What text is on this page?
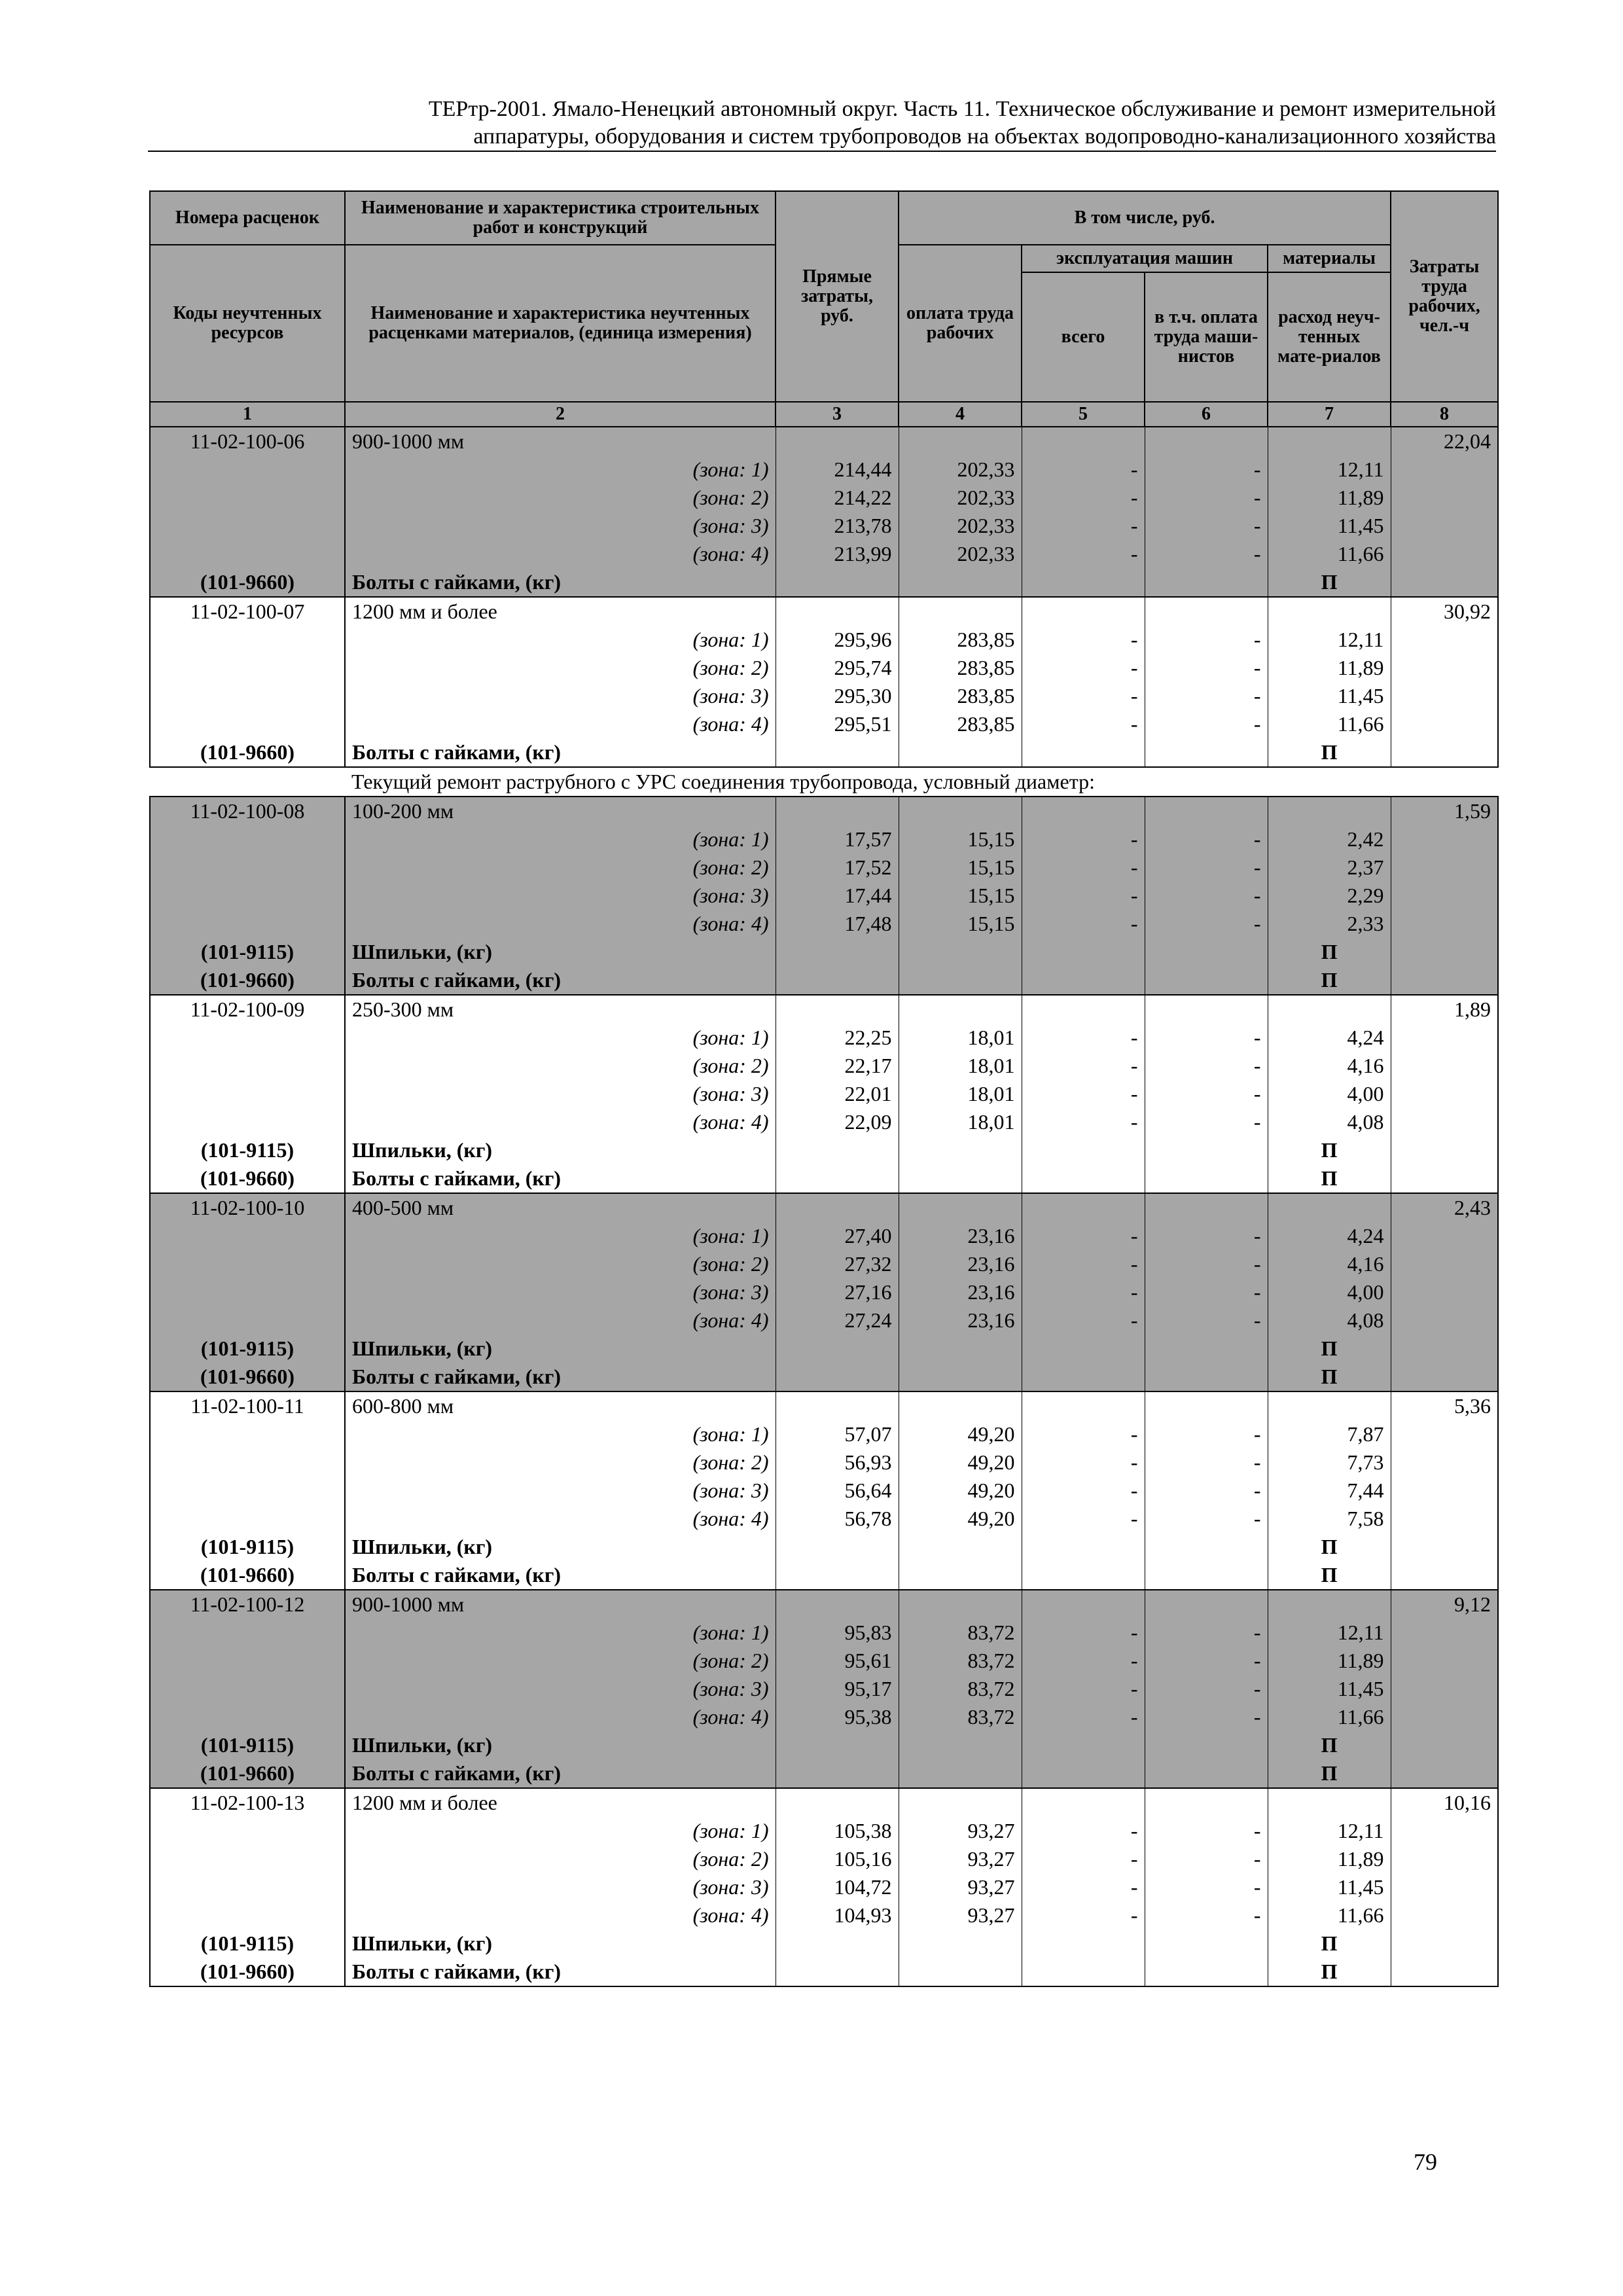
ТЕРтр-2001. Ямало-Ненецкий автономный округ. Часть 11. Техническое обслуживание и ремонт измерительной
аппаратуры, оборудования и систем трубопроводов на объектах водопроводно-канализационного хозяйства
Номера расценок	Наименование и характеристика строительных работ и конструкций	Прямые затраты, руб.	В том числе, руб.				Затраты труда рабочих, чел.-ч
Коды неучтенных ресурсов	Наименование и характеристика неучтенных расценками материалов, (единица измерения)		оплата труда рабочих	эксплуатация машин		материалы	
				всего	в т.ч. оплата труда маши-нистов	расход неуч-тенных мате-риалов	
1	2	3	4	5	6	7	8
11-02-100-06	900-1000 мм						22,04
	(зона: 1)	214,44	202,33	-	-	12,11	
	(зона: 2)	214,22	202,33	-	-	11,89	
	(зона: 3)	213,78	202,33	-	-	11,45	
	(зона: 4)	213,99	202,33	-	-	11,66	
(101-9660)	Болты с гайками, (кг)					П	
11-02-100-07	1200 мм и более						30,92
	(зона: 1)	295,96	283,85	-	-	12,11	
	(зона: 2)	295,74	283,85	-	-	11,89	
	(зона: 3)	295,30	283,85	-	-	11,45	
	(зона: 4)	295,51	283,85	-	-	11,66	
(101-9660)	Болты с гайками, (кг)					П	
	Текущий ремонт раструбного с УРС соединения трубопровода, условный диаметр:						
11-02-100-08	100-200 мм						1,59
	(зона: 1)	17,57	15,15	-	-	2,42	
	(зона: 2)	17,52	15,15	-	-	2,37	
	(зона: 3)	17,44	15,15	-	-	2,29	
	(зона: 4)	17,48	15,15	-	-	2,33	
(101-9115)	Шпильки, (кг)					П	
(101-9660)	Болты с гайками, (кг)					П	
11-02-100-09	250-300 мм						1,89
	(зона: 1)	22,25	18,01	-	-	4,24	
	(зона: 2)	22,17	18,01	-	-	4,16	
	(зона: 3)	22,01	18,01	-	-	4,00	
	(зона: 4)	22,09	18,01	-	-	4,08	
(101-9115)	Шпильки, (кг)					П	
(101-9660)	Болты с гайками, (кг)					П	
11-02-100-10	400-500 мм						2,43
	(зона: 1)	27,40	23,16	-	-	4,24	
	(зона: 2)	27,32	23,16	-	-	4,16	
	(зона: 3)	27,16	23,16	-	-	4,00	
	(зона: 4)	27,24	23,16	-	-	4,08	
(101-9115)	Шпильки, (кг)					П	
(101-9660)	Болты с гайками, (кг)					П	
11-02-100-11	600-800 мм						5,36
	(зона: 1)	57,07	49,20	-	-	7,87	
	(зона: 2)	56,93	49,20	-	-	7,73	
	(зона: 3)	56,64	49,20	-	-	7,44	
	(зона: 4)	56,78	49,20	-	-	7,58	
(101-9115)	Шпильки, (кг)					П	
(101-9660)	Болты с гайками, (кг)					П	
11-02-100-12	900-1000 мм						9,12
	(зона: 1)	95,83	83,72	-	-	12,11	
	(зона: 2)	95,61	83,72	-	-	11,89	
	(зона: 3)	95,17	83,72	-	-	11,45	
	(зона: 4)	95,38	83,72	-	-	11,66	
(101-9115)	Шпильки, (кг)					П	
(101-9660)	Болты с гайками, (кг)					П	
11-02-100-13	1200 мм и более						10,16
	(зона: 1)	105,38	93,27	-	-	12,11	
	(зона: 2)	105,16	93,27	-	-	11,89	
	(зона: 3)	104,72	93,27	-	-	11,45	
	(зона: 4)	104,93	93,27	-	-	11,66	
(101-9115)	Шпильки, (кг)					П	
(101-9660)	Болты с гайками, (кг)					П	
79
